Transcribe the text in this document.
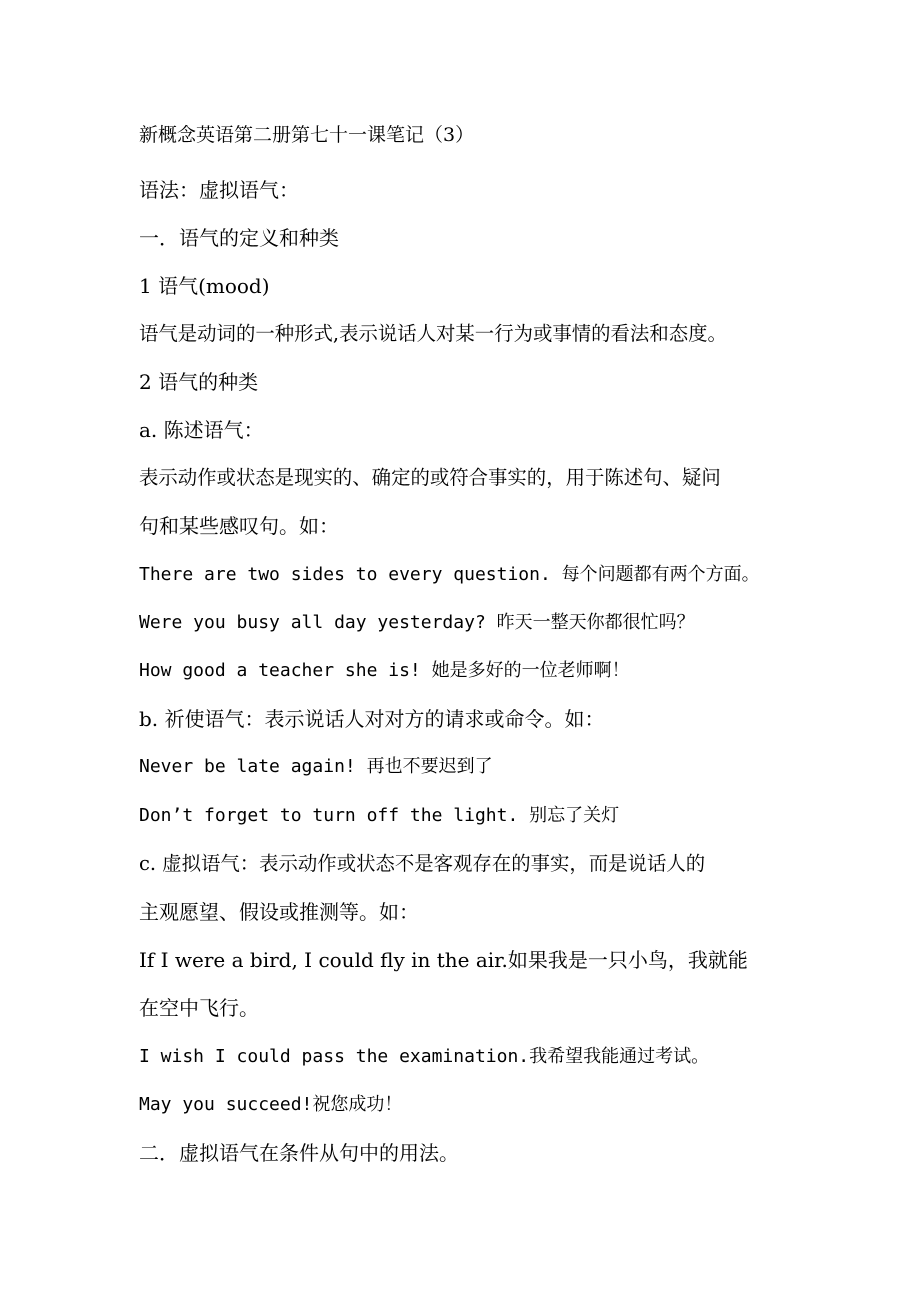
新概念英语第二册第七十一课笔记（3）
语法：虚拟语气：
一．语气的定义和种类
1 语气(mood)
语气是动词的一种形式,表示说话人对某一行为或事情的看法和态度。
2 语气的种类
a. 陈述语气：
表示动作或状态是现实的、确定的或符合事实的，用于陈述句、疑问
句和某些感叹句。如：
There are two sides to every question. 每个问题都有两个方面。
Were you busy all day yesterday? 昨天一整天你都很忙吗？
How good a teacher she is! 她是多好的一位老师啊！
b. 祈使语气：表示说话人对对方的请求或命令。如：
Never be late again! 再也不要迟到了
Don’t forget to turn off the light. 别忘了关灯
c. 虚拟语气：表示动作或状态不是客观存在的事实，而是说话人的
主观愿望、假设或推测等。如：
If I were a bird, I could fly in the air.如果我是一只小鸟，我就能
在空中飞行。
I wish I could pass the examination.我希望我能通过考试。
May you succeed!祝您成功！
二．虚拟语气在条件从句中的用法。
